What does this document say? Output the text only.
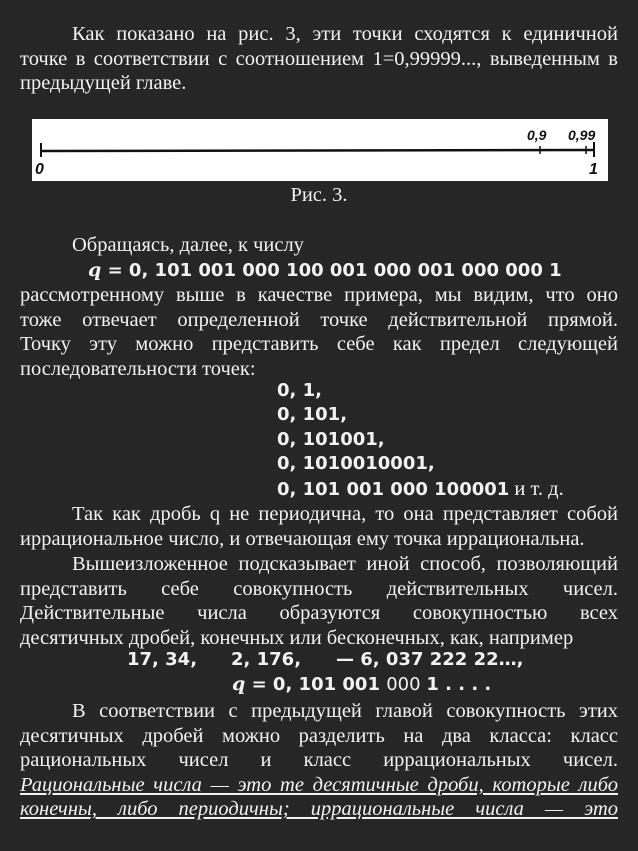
Как показано на рис. 3, эти точки сходятся к единичной

точке в соответствии с соотношением 1=0,99999..., выведенным в

предыдущей главе.

0	1
0,9 0,99
Рис. 3.

Обращаясь, далее, к числу

q = 0, 101 001 000 100 001 000 001 000 000 1

рассмотренному выше в качестве примера, мы видим, что оно

тоже отвечает определенной точке действительной прямой.

Точку эту можно представить себе как предел следующей

последовательности точек:

0, 1,
0, 101,
0, 101001,
0, 1010010001,
0, 101 001 000 100001 и т. д.

Так как дробь q не периодична, то она представляет собой

иррациональное число, и отвечающая ему точка иррациональна.

Вышеизложенное подсказывает иной способ, позволяющий

представить себе совокупность действительных чисел.

Действительные числа образуются совокупностью всех

десятичных дробей, конечных или бесконечных, как, например

17, 34, 2, 176, — 6, 037 222 22…,
q = 0, 101 001 000 1 . . . .

В соответствии с предыдущей главой совокупность этих

десятичных дробей можно разделить на два класса: класс

рациональных чисел и класс иррациональных чисел.

Рациональные числа — это те десятичные дроби, которые либо

конечны, либо периодичны; иррациональные числа — это
